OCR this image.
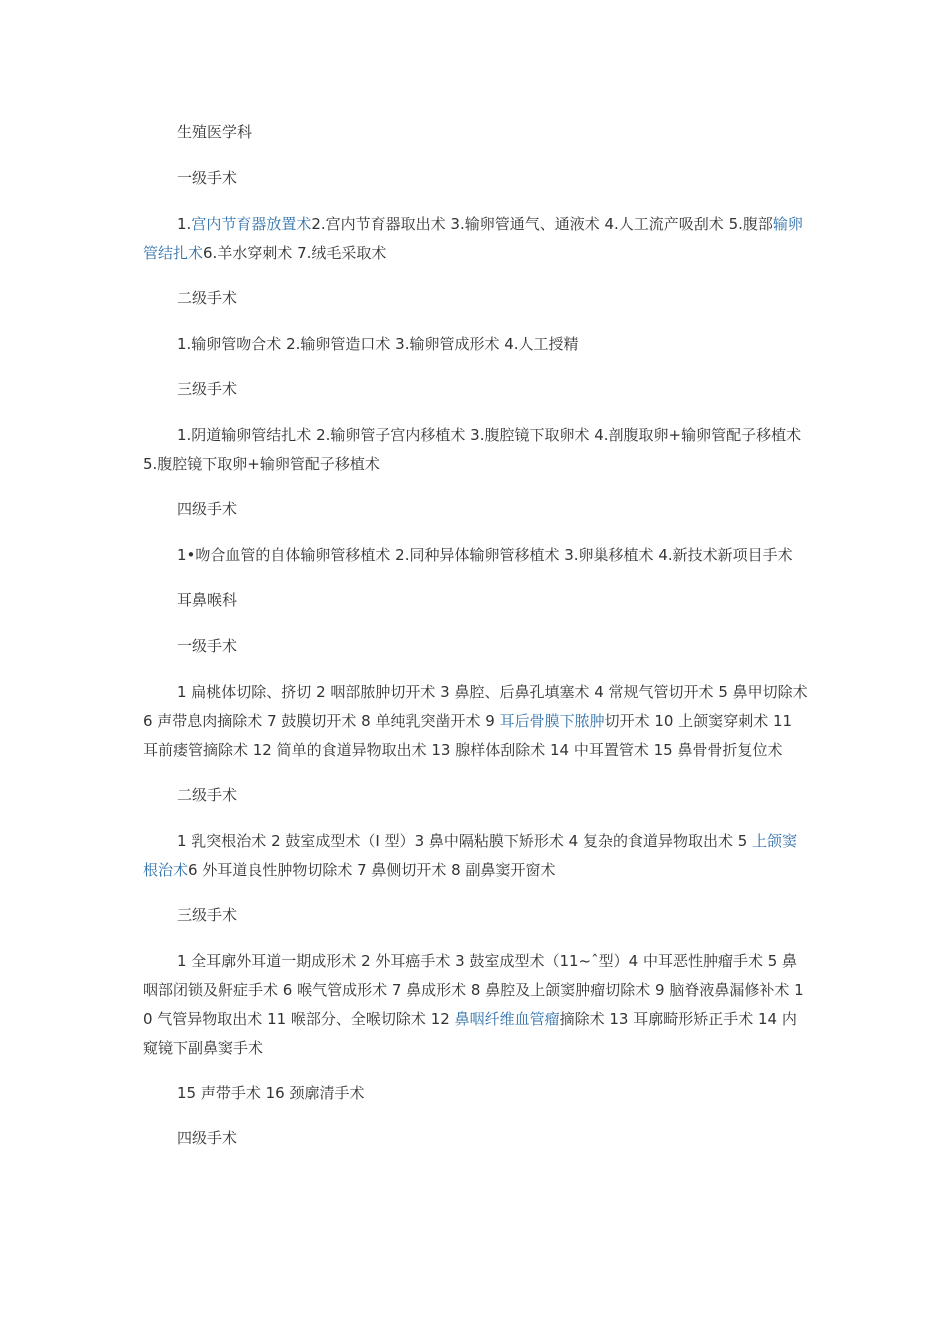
生殖医学科
一级手术
1.宫内节育器放置术2.宫内节育器取出术 3.输卵管通气、通液术 4.人工流产吸刮术 5.腹部输卵管结扎术6.羊水穿刺术 7.绒毛采取术
二级手术
1.输卵管吻合术 2.输卵管造口术 3.输卵管成形术 4.人工授精
三级手术
1.阴道输卵管结扎术 2.输卵管子宫内移植术 3.腹腔镜下取卵术 4.剖腹取卵+输卵管配子移植术 5.腹腔镜下取卵+输卵管配子移植术
四级手术
1•吻合血管的自体输卵管移植术 2.同种异体输卵管移植术 3.卵巢移植术 4.新技术新项目手术
耳鼻喉科
一级手术
1 扁桃体切除、挤切 2 咽部脓肿切开术 3 鼻腔、后鼻孔填塞术 4 常规气管切开术 5 鼻甲切除术 6 声带息肉摘除术 7 鼓膜切开术 8 单纯乳突凿开术 9 耳后骨膜下脓肿切开术 10 上颌窦穿刺术 11 耳前瘘管摘除术 12 简单的食道异物取出术 13 腺样体刮除术 14 中耳置管术 15 鼻骨骨折复位术
二级手术
1 乳突根治术 2 鼓室成型术（I 型）3 鼻中隔粘膜下矫形术 4 复杂的食道异物取出术 5 上颌窦根治术6 外耳道良性肿物切除术 7 鼻侧切开术 8 副鼻窦开窗术
三级手术
1 全耳廓外耳道一期成形术 2 外耳癌手术 3 鼓室成型术（11~ˆ型）4 中耳恶性肿瘤手术 5 鼻咽部闭锁及鼾症手术 6 喉气管成形术 7 鼻成形术 8 鼻腔及上颌窦肿瘤切除术 9 脑脊液鼻漏修补术 10 气管异物取出术 11 喉部分、全喉切除术 12 鼻咽纤维血管瘤摘除术 13 耳廓畸形矫正手术 14 内窥镜下副鼻窦手术
15 声带手术 16 颈廓清手术
四级手术
